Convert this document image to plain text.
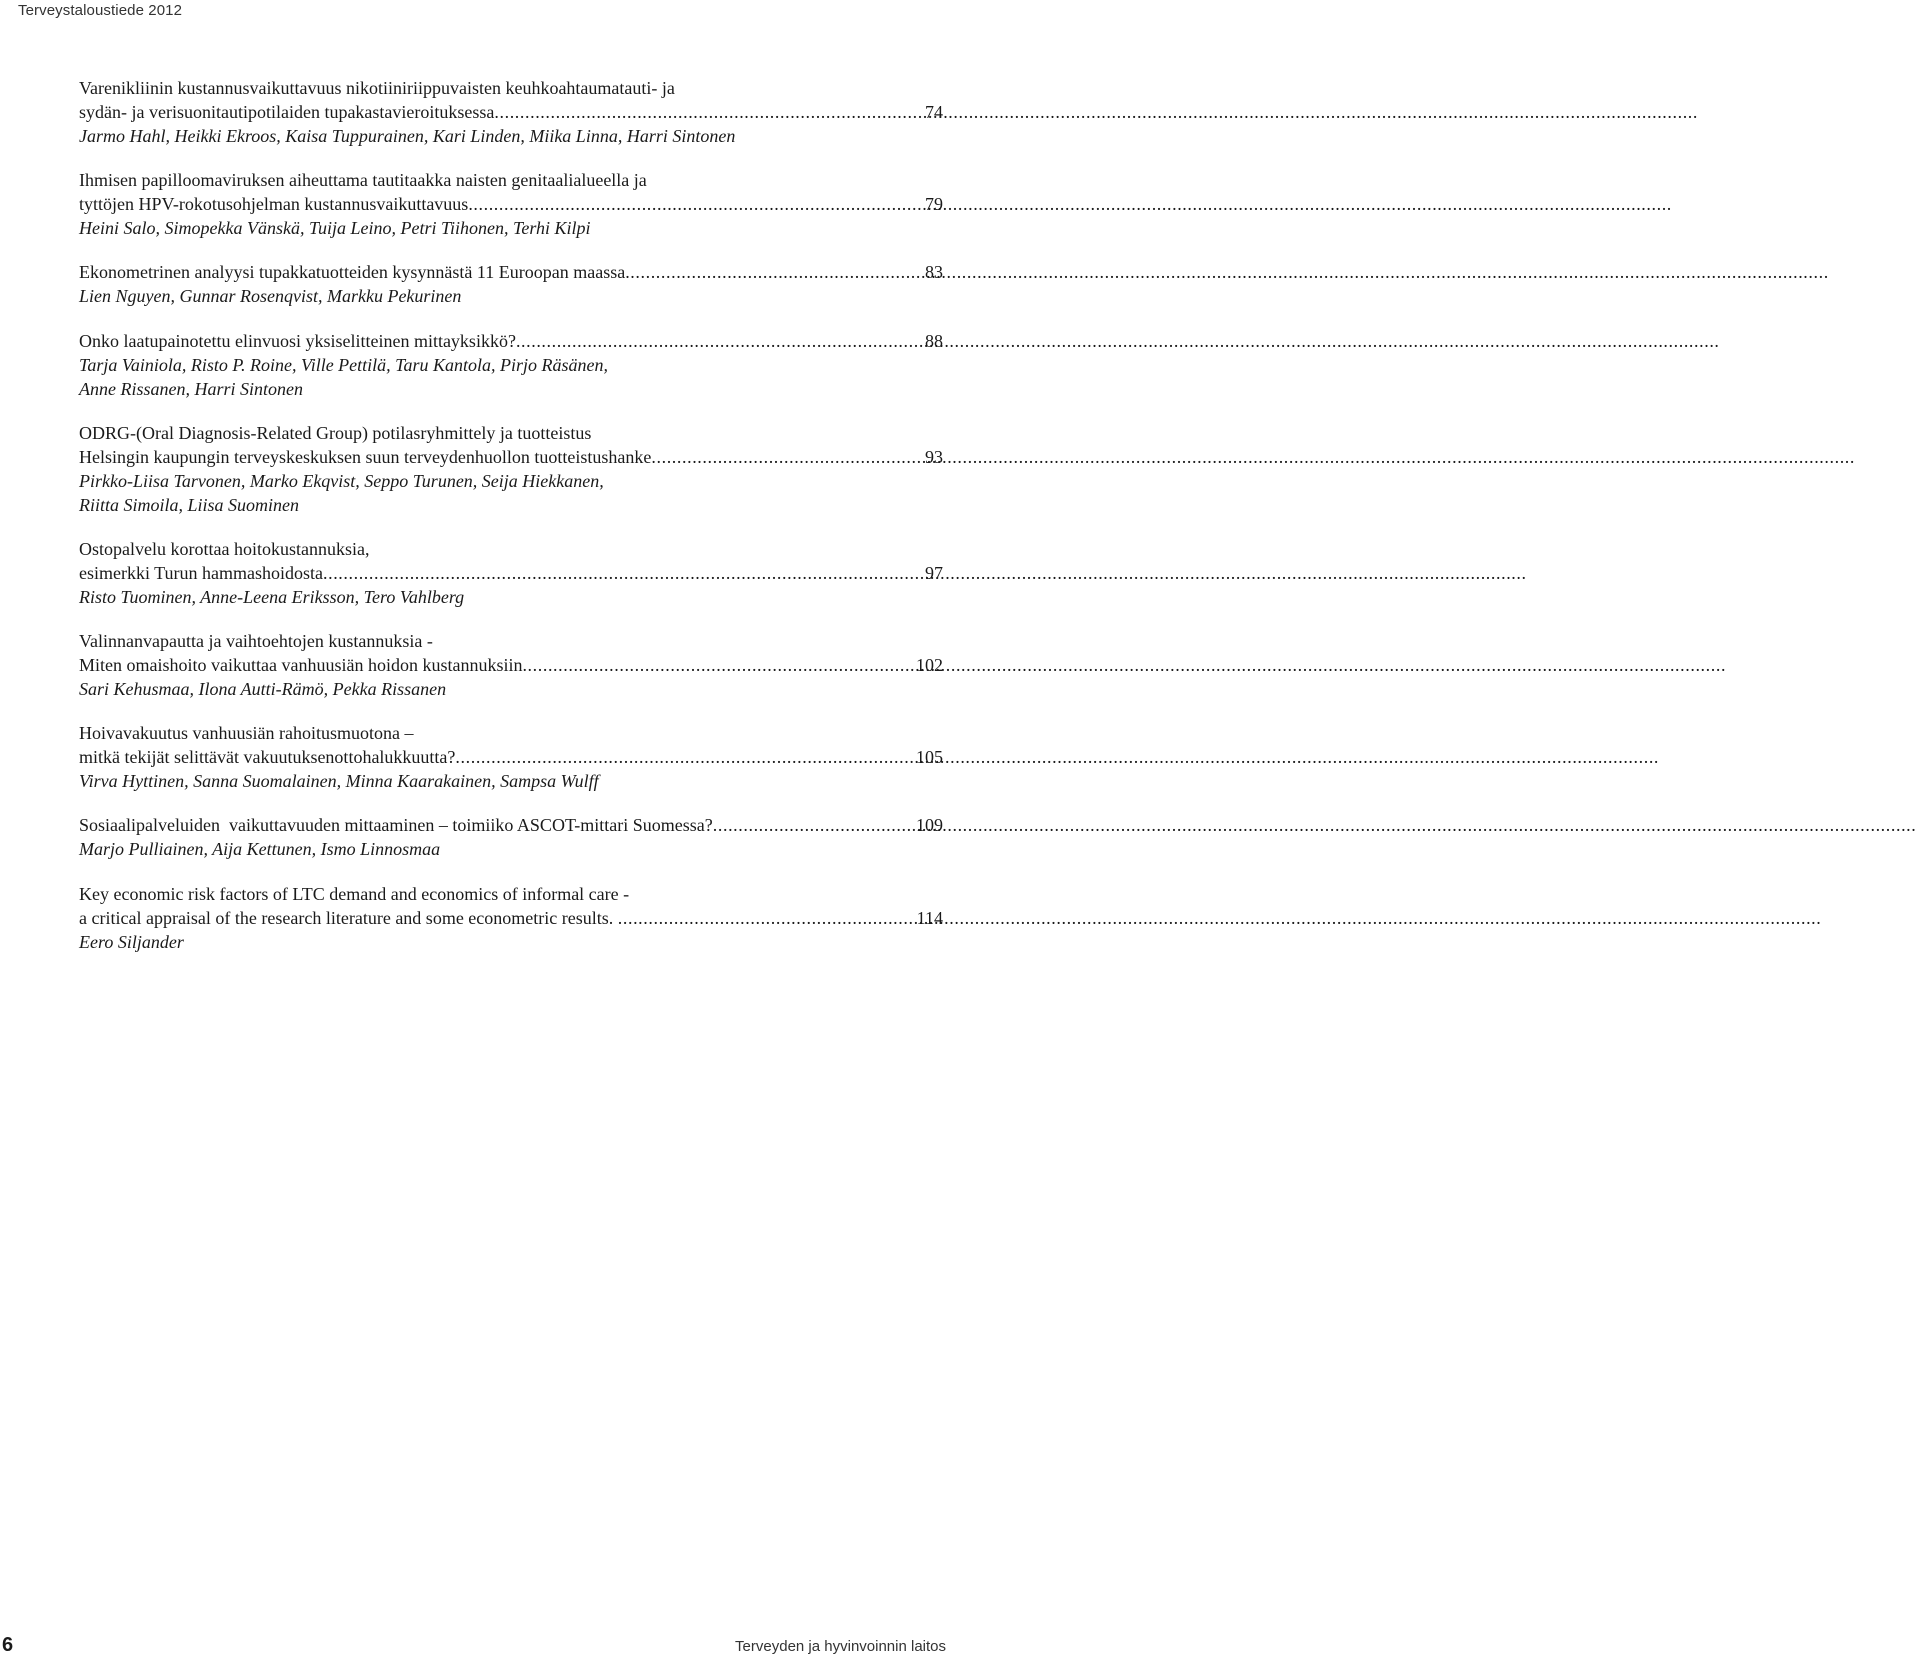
Terveystaloustiede 2012
Varenikliinin kustannusvaikuttavuus nikotiiniriippuvaisten keuhkoahtaumatauti- ja
sydän- ja verisuonitautipotilaiden tupakastavieroituksessa .....	74
Jarmo Hahl, Heikki Ekroos, Kaisa Tuppurainen, Kari Linden, Miika Linna, Harri Sintonen
Ihmisen papilloomaviruksen aiheuttama tautitaakka naisten genitaalialueella ja
tyttöjen HPV-rokotusohjelman kustannusvaikuttavuus .....	79
Heini Salo, Simopekka Vänskä, Tuija Leino, Petri Tiihonen, Terhi Kilpi
Ekonometrinen analyysi tupakkatuotteiden kysynnästä 11 Euroopan maassa .....	83
Lien Nguyen, Gunnar Rosenqvist, Markku Pekurinen
Onko laatupainotettu elinvuosi yksiselitteinen mittayksikkö? .....	88
Tarja Vainiola, Risto P. Roine, Ville Pettilä, Taru Kantola, Pirjo Räsänen,
Anne Rissanen, Harri Sintonen
ODRG-(Oral Diagnosis-Related Group) potilasryhmittely ja tuotteistus
Helsingin kaupungin terveyskeskuksen suun terveydenhuollon tuotteistushanke .....	93
Pirkko-Liisa Tarvonen, Marko Ekqvist, Seppo Turunen, Seija Hiekkanen,
Riitta Simoila, Liisa Suominen
Ostopalvelu korottaa hoitokustannuksia,
esimerkki Turun hammashoidosta .....	97
Risto Tuominen, Anne-Leena Eriksson, Tero Vahlberg
Valinnanvapautta ja vaihtoehtojen kustannuksia -
Miten omaishoito vaikuttaa vanhuusiän hoidon kustannuksiin .....	102
Sari Kehusmaa, Ilona Autti-Rämö, Pekka Rissanen
Hoivavakuutus vanhuusiän rahoitusmuotona –
mitkä tekijät selittävät vakuutuksenottohalukkuutta? .....	105
Virva Hyttinen, Sanna Suomalainen, Minna Kaarakainen, Sampsa Wulff
Sosiaalipalveluiden  vaikuttavuuden mittaaminen – toimiiko ASCOT-mittari Suomessa? .....	109
Marjo Pulliainen, Aija Kettunen, Ismo Linnosmaa
Key economic risk factors of LTC demand and economics of informal care -
a critical appraisal of the research literature and some econometric results. .....	114
Eero Siljander
6	Terveyden ja hyvinvoinnin laitos
